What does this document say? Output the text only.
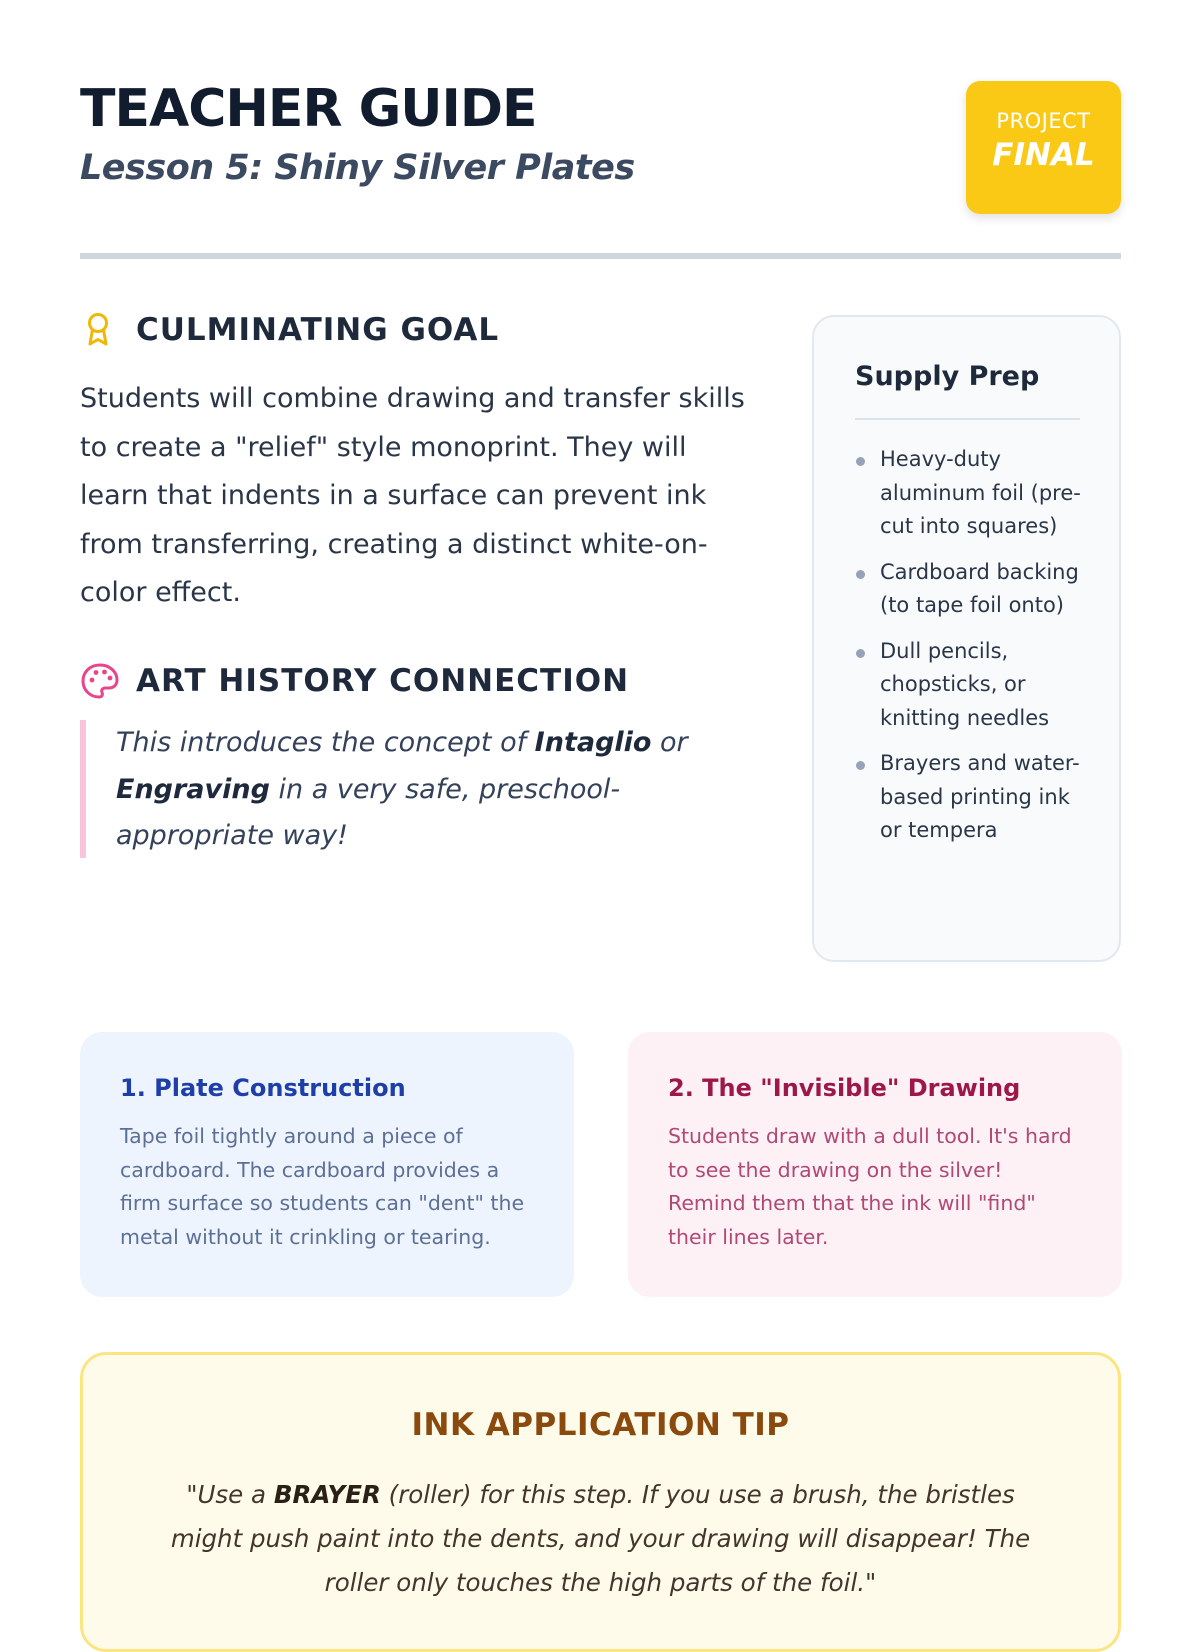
TEACHER GUIDE
Lesson 5: Shiny Silver Plates
PROJECT
FINAL
CULMINATING GOAL
Students will combine drawing and transfer skills to create a "relief" style monoprint. They will learn that indents in a surface can prevent ink from transferring, creating a distinct white-on-color effect.
ART HISTORY CONNECTION
This introduces the concept of Intaglio or Engraving in a very safe, preschool-appropriate way!
Supply Prep
Heavy-duty aluminum foil (pre-cut into squares)
Cardboard backing (to tape foil onto)
Dull pencils, chopsticks, or knitting needles
Brayers and water-based printing ink or tempera
1. Plate Construction
Tape foil tightly around a piece of cardboard. The cardboard provides a firm surface so students can "dent" the metal without it crinkling or tearing.
2. The "Invisible" Drawing
Students draw with a dull tool. It's hard to see the drawing on the silver! Remind them that the ink will "find" their lines later.
INK APPLICATION TIP
"Use a BRAYER (roller) for this step. If you use a brush, the bristles might push paint into the dents, and your drawing will disappear! The roller only touches the high parts of the foil."
